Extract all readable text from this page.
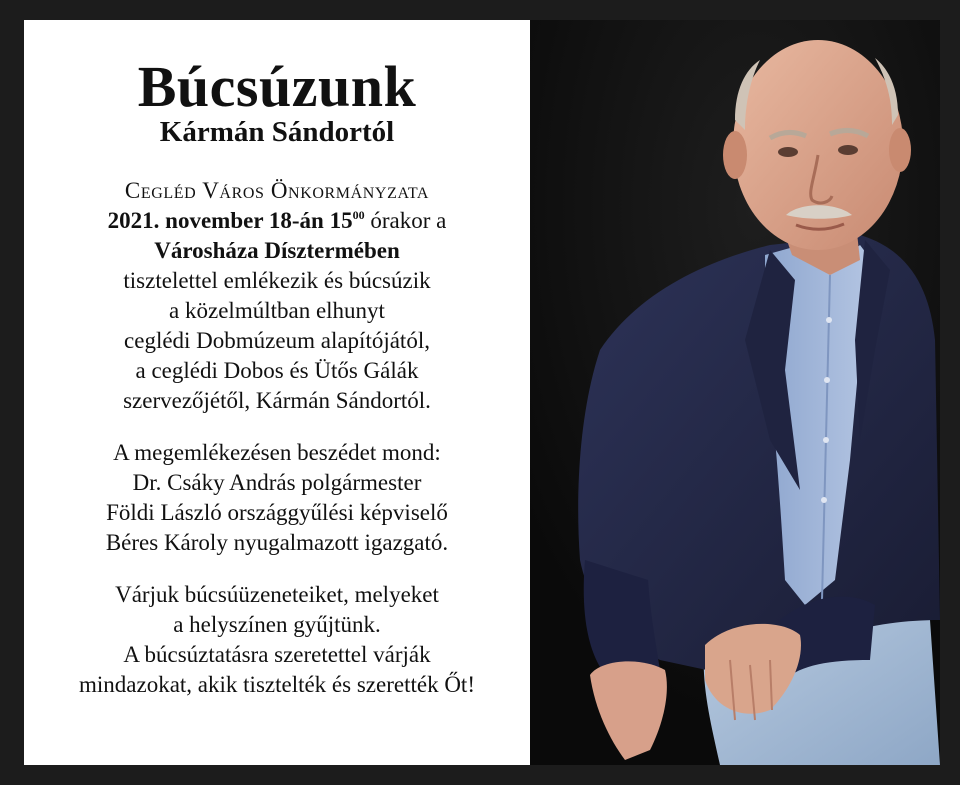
Búcsúzunk
Kármán Sándortól
Cegléd Város Önkormányzata
2021. november 18-án $15^{00}$ órakor a
Városháza Dísztermében
tisztelettel emlékezik és búcsúzik
a közelmúltban elhunyt
ceglédi Dobmúzeum alapítójától,
a ceglédi Dobos és Ütős Gálák
szervezőjétől, Kármán Sándortól.
A megemlékezésen beszédet mond:
Dr. Csáky András polgármester
Földi László országgyűlési képviselő
Béres Károly nyugalmazott igazgató.
Várjuk búcsúüzeneteiket, melyeket
a helyszínen gyűjtünk.
A búcsúztatásra szeretettel várják
mindazokat, akik tisztelték és szerették Őt!
